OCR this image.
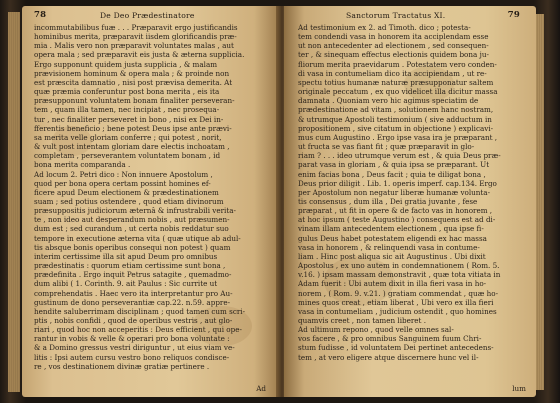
78	De Deo Prædestinatore
incommutabilibus fuæ . . . Præparavit ergo justificandis
hominibus merita, præparavit iisdem glorificandis præ-
mia . Malis vero non præparavit voluntates malas , aut
opera mala ; sed præparavit eis justa & æterna supplicia.
Ergo supponunt quidem justa supplicia , & malam
prævisionem hominum & opera mala ; & proinde non
est præscita damnatio , nisi post prævisa demerita. At
quæ præmia conferuntur post bona merita , eis ita
præsupponunt voluntatem bonam finaliter perseveran-
tem , quam illa tamen, nec incipiat , nec prosequa-
tur , nec finaliter perseveret in bono , nisi ex Dei in-
fferentis beneficio ; bene potest Deus ipse ante prævi-
sa merita velle gloriam conferre ; qui potest , norit,
& vult post intentam gloriam dare electis inchoatam ,
completam , perseverantem voluntatem bonam , id
bona merita comparanda .
Ad locum 2. Petri dico : Non innuere Apostolum ,
quod per bona opera certam possint homines ef-
ficere apud Deum electionem & prædestinationem
suam ; sed potius ostendere , quod etiam divinorum
præsuppositis judiciorum æternâ & infrustrabili verita-
te , non ideo aut desperandum nobis , aut præsumen-
dum est ; sed curandum , ut certa nobis reddatur suo
tempore in executione æterna vita ( quæ utique ab adul-
tis absque bonis operibus consequi non potest ) quam
interim certissime illa sit apud Deum pro omnibus
prædestinatis : quorum etiam certissime sunt bona ,
prædefinita . Ergo inquit Petrus satagite , quemadmo-
dum alibi ( 1. Corinth. 9. ait Paulus : Sic currite ut
comprehendatis . Haec vero ita interpretantur pro Au-
gustinum de dono perseverantiæ cap.22. n.59. appre-
hendite saluberrimam disciplinam ; quod tamen cum scri-
ptis , nobis confidi , quod de operibus vestris , aut glo-
riari , quod hoc non acceperitis : Deus efficient , qui ope-
rantur in vobis & velle & operari pro bona voluntate :
& a Domino gressus vestri diriguntur , ut eius viam ve-
litis : Ipsi autem cursu vestro bono reliquos condisce-
re , vos destinationem divinæ gratiæ pertinere .
Ad
Sanctorum Tractatus XI.	79
Ad testimonium ex 2. ad Timoth. dico ; potesta-
tem condendi vasa in honorem ita acciplendam esse
ut non antecedenter ad electionem , sed consequen-
ter , & sinequam effectus electionis quidem bona ju-
fliorum merita praevidarum . Potestatem vero conden-
di vasa in contumeliam dico ita accipiendam , ut re-
spectu totius humanæ naturæ præsupponatur saltem
originale peccatum , ex quo videlicet illa dicitur massa
damnata . Quoniam vero hic agimus speciatim de
prædestinatione ad vitam , solutionem hanc nostram,
& utrumque Apostoli testimonium ( sive adductum in
propositionem , sive citatum in objectione ) explicavi-
mus cum Augustino . Ergo ipse vasa ira je præparant ,
ut fructa se vas fiant fit ; quæ præparavit in glo-
riam ? . . . ideo utrumque verum est , & quia Deus præ-
parat vasa in gloriam , & quia ipsa se præparant. Ut
enim facias bona , Deus facit ; quia te diligat bona ,
Deus prior diligit . Lib. 1. operis imperf. cap.134. Ergo
per Apostolum non negatur liberæ humanæ volunta-
tis consensus , dum illa , Dei gratia juvante , fese
præparat , ut fit in opere & de facto vas in honorem ,
at hoc ipsum ( teste Augustino ) consequens est ad di-
vinam illam antecedentem electionem , qua ipse fi-
gulus Deus habet potestatem eligendi ex hac massa
vasa in honorem , & relinquendi vasa in contume-
liam . Hinc post aliqua sic ait Augustinus . Ubi dixit
Apostolus , ex uno autem in condemnationem ( Rom. 5.
v.16. ) ipsam massam demonstravit , quæ tota vitiata in
Adam fuerit : Ubi autem dixit in illa fieri vasa in ho-
norem , ( Rom. 9. v.21. ) gratiam commendat , quæ ho-
mines quos creat , etiam liberat , Ubi vero ex illa fieri
vasa in contumeliam , judicium ostendit , quo homines
quamvis creet , non tamen liberet .
Ad ultimum repono , quod velle omnes sal-
vos facere , & pro omnibus Sanguinem fuum Chri-
stum fudisse , id voluntatem Dei pertinet antecedens-
tem , at vero eligere atque discernere hunc vel il-
lum
